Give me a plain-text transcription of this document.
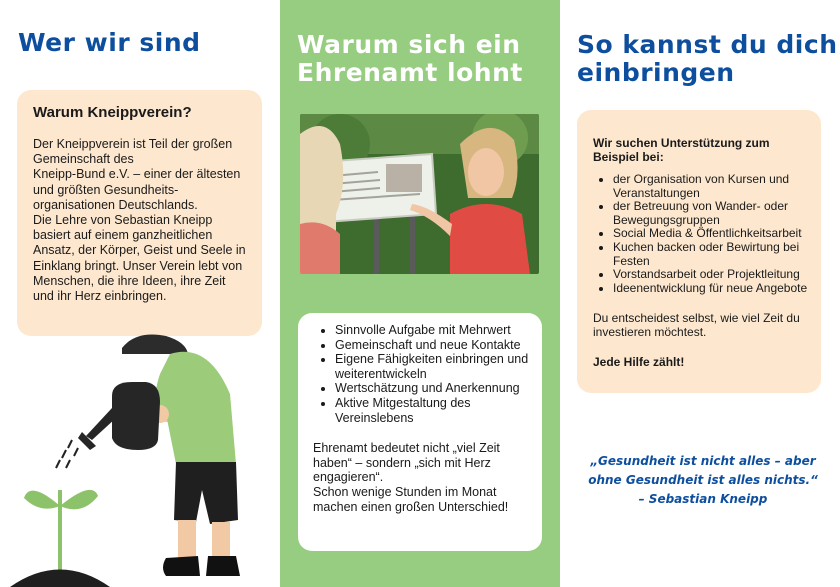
Wer wir sind

Warum Kneippverein?

Der Kneippverein ist Teil der großen
Gemeinschaft des
Kneipp-Bund e.V. – einer der ältesten
und größten Gesundheits-
organisationen Deutschlands.
Die Lehre von Sebastian Kneipp
basiert auf einem ganzheitlichen
Ansatz, der Körper, Geist und Seele in
Einklang bringt. Unser Verein lebt von
Menschen, die ihre Ideen, ihre Zeit
und ihr Herz einbringen.

Warum sich ein
Ehrenamt lohnt
• Sinnvolle Aufgabe mit Mehrwert
• Gemeinschaft und neue Kontakte
• Eigene Fähigkeiten einbringen und weiterentwickeln
• Wertschätzung und Anerkennung
• Aktive Mitgestaltung des Vereinslebens

Ehrenamt bedeutet nicht „viel Zeit
haben“ – sondern „sich mit Herz
engagieren“.
Schon wenige Stunden im Monat
machen einen großen Unterschied!

So kannst du dich
einbringen

Wir suchen Unterstützung zum Beispiel bei:

• der Organisation von Kursen und Veranstaltungen
• der Betreuung von Wander- oder Bewegungsgruppen
• Social Media & Öffentlichkeitsarbeit
• Kuchen backen oder Bewirtung bei Festen
• Vorstandsarbeit oder Projektleitung
• Ideenentwicklung für neue Angebote

Du entscheidest selbst, wie viel Zeit du
investieren möchtest.

Jede Hilfe zählt!

„Gesundheit ist nicht alles – aber
ohne Gesundheit ist alles nichts.“
– Sebastian Kneipp
